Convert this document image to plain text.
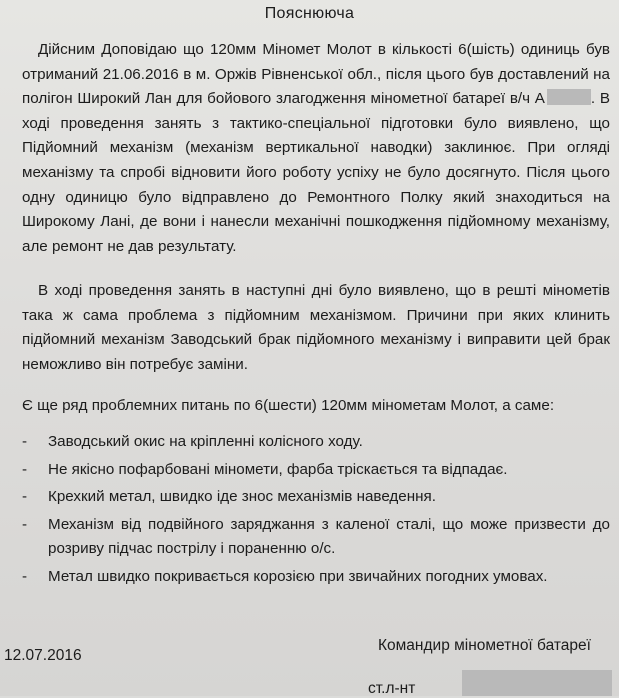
Пояснююча

Дійсним Доповідаю що 120мм Міномет Молот в кількості 6(шість) одиниць був отриманий 21.06.2016 в м. Оржів Рівненської обл., після цього був доставлений на полігон Широкий Лан для бойового злагодження мінометної батареї в/ч А	. В ході проведення занять з тактико-спеціальної підготовки було виявлено, що Підйомний механізм (механізм вертикальної наводки) заклинює. При огляді механізму та спробі відновити його роботу успіху не було досягнуто. Після цього одну одиницю було відправлено до Ремонтного Полку який знаходиться на Широкому Лані, де вони і нанесли механічні пошкодження підйомному механізму, але ремонт не дав результату.

В ході проведення занять в наступні дні було виявлено, що в решті мінометів така ж сама проблема з підйомним механізмом. Причини при яких клинить підйомний механізм Заводський брак підйомного механізму і виправити цей брак неможливо він потребує заміни.

Є ще ряд проблемних питань по 6(шести) 120мм мінометам Молот, а саме:

-	Заводський окис на кріпленні колісного ходу.
-	Не якісно пофарбовані міномети, фарба тріскається та відпадає.
-	Крехкий метал, швидко іде знос механізмів наведення.
-	Механізм від подвійного заряджання з каленої сталі, що може призвести до розриву підчас пострілу і пораненню о/с.
-	Метал швидко покривається корозією при звичайних погодних умовах.
12.07.2016
Командир мінометної батареї
ст.л-нт
